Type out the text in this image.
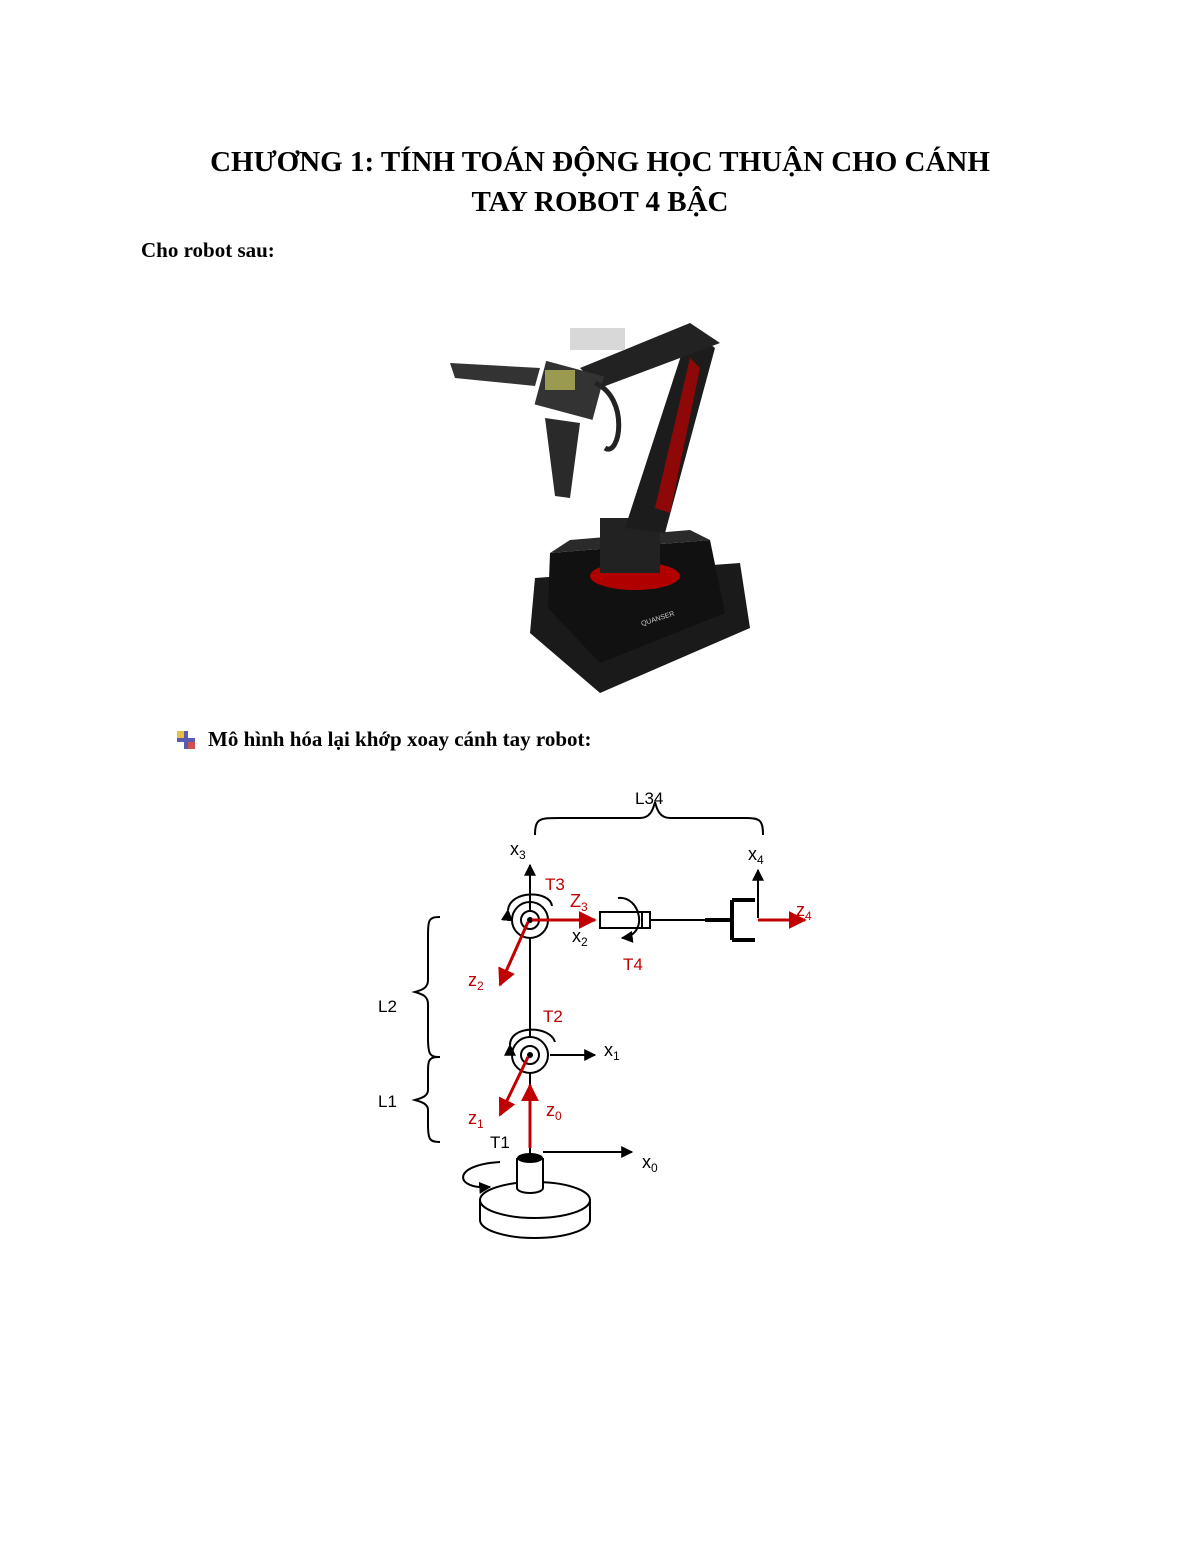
CHƯƠNG 1: TÍNH TOÁN ĐỘNG HỌC THUẬN CHO CÁNH
TAY ROBOT 4 BẬC
Cho robot sau:
QUANSER
Mô hình hóa lại khớp xoay cánh tay robot:
L34
L2
L1
T1
$x_0$
$z_0$
T2
$x_1$
$z_1$
T3
$x_3$
$z_2$
$Z_3$
$x_2$
T4
$x_4$
$z_4$
